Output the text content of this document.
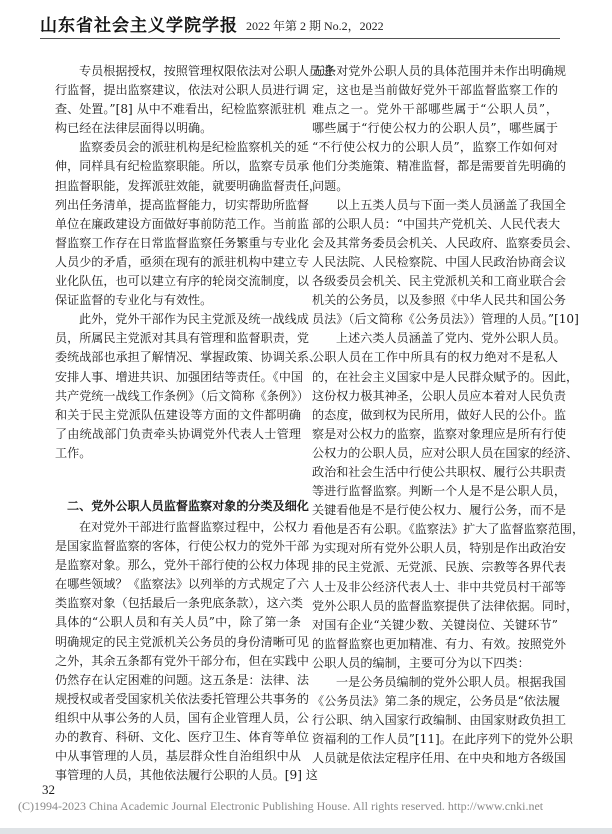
山东省社会主义学院学报 2022 年第 2 期 No.2，2022
专员根据授权，按照管理权限依法对公职人员进
行监督，提出监察建议，依法对公职人员进行调
查、处置。”[8] 从中不难看出，纪检监察派驻机
构已经在法律层面得以明确。
监察委员会的派驻机构是纪检监察机关的延
伸，同样具有纪检监察职能。所以，监察专员承
担监督职能，发挥派驻效能，就要明确监督责任，
列出任务清单，提高监督能力，切实帮助所监督
单位在廉政建设方面做好事前防范工作。当前监
督监察工作存在日常监督监察任务繁重与专业化
人员少的矛盾，亟须在现有的派驻机构中建立专
业化队伍，也可以建立有序的轮岗交流制度，以
保证监督的专业化与有效性。
此外，党外干部作为民主党派及统一战线成
员，所属民主党派对其具有管理和监督职责，党
委统战部也承担了解情况、掌握政策、协调关系、
安排人事、增进共识、加强团结等责任。《中国
共产党统一战线工作条例》（后文简称《条例》）
和关于民主党派队伍建设等方面的文件都明确
了由统战部门负责牵头协调党外代表人士管理
工作。
二、党外公职人员监督监察对象的分类及细化
在对党外干部进行监督监察过程中，公权力
是国家监督监察的客体，行使公权力的党外干部
是监察对象。那么，党外干部行使的公权力体现
在哪些领域？《监察法》以列举的方式规定了六
类监察对象（包括最后一条兜底条款），这六类
具体的“公职人员和有关人员”中，除了第一条
明确规定的民主党派机关公务员的身份清晰可见
之外，其余五条都有党外干部分布，但在实践中
仍然存在认定困难的问题。这五条是：法律、法
规授权或者受国家机关依法委托管理公共事务的
组织中从事公务的人员，国有企业管理人员，公
办的教育、科研、文化、医疗卫生、体育等单位
中从事管理的人员，基层群众性自治组织中从
事管理的人员，其他依法履行公职的人员。[9] 这
五条对党外公职人员的具体范围并未作出明确规
定，这也是当前做好党外干部监督监察工作的
难点之一。党外干部哪些属于“公职人员”，
哪些属于“行使公权力的公职人员”，哪些属于
“不行使公权力的公职人员”，监察工作如何对
他们分类施策、精准监督，都是需要首先明确的
问题。
以上五类人员与下面一类人员涵盖了我国全
部的公职人员：“中国共产党机关、人民代表大
会及其常务委员会机关、人民政府、监察委员会、
人民法院、人民检察院、中国人民政治协商会议
各级委员会机关、民主党派机关和工商业联合会
机关的公务员，以及参照《中华人民共和国公务
员法》（后文简称《公务员法》）管理的人员。”[10]
上述六类人员涵盖了党内、党外公职人员。
公职人员在工作中所具有的权力绝对不是私人
的，在社会主义国家中是人民群众赋予的。因此，
这份权力极其神圣，公职人员应本着对人民负责
的态度，做到权为民所用，做好人民的公仆。监
察是对公权力的监察，监察对象理应是所有行使
公权力的公职人员，应对公职人员在国家的经济、
政治和社会生活中行使公共职权、履行公共职责
等进行监督监察。判断一个人是不是公职人员，
关键看他是不是行使公权力、履行公务，而不是
看他是否有公职。《监察法》扩大了监督监察范围，
为实现对所有党外公职人员，特别是作出政治安
排的民主党派、无党派、民族、宗教等各界代表
人士及非公经济代表人士、非中共党员村干部等
党外公职人员的监督监察提供了法律依据。同时，
对国有企业“关键少数、关键岗位、关键环节”
的监督监察也更加精准、有力、有效。按照党外
公职人员的编制，主要可分为以下四类：
一是公务员编制的党外公职人员。根据我国
《公务员法》第二条的规定，公务员是“依法履
行公职、纳入国家行政编制、由国家财政负担工
资福利的工作人员”[11]。在此序列下的党外公职
人员就是依法定程序任用、在中央和地方各级国
32
(C)1994-2023 China Academic Journal Electronic Publishing House. All rights reserved. http://www.cnki.net
